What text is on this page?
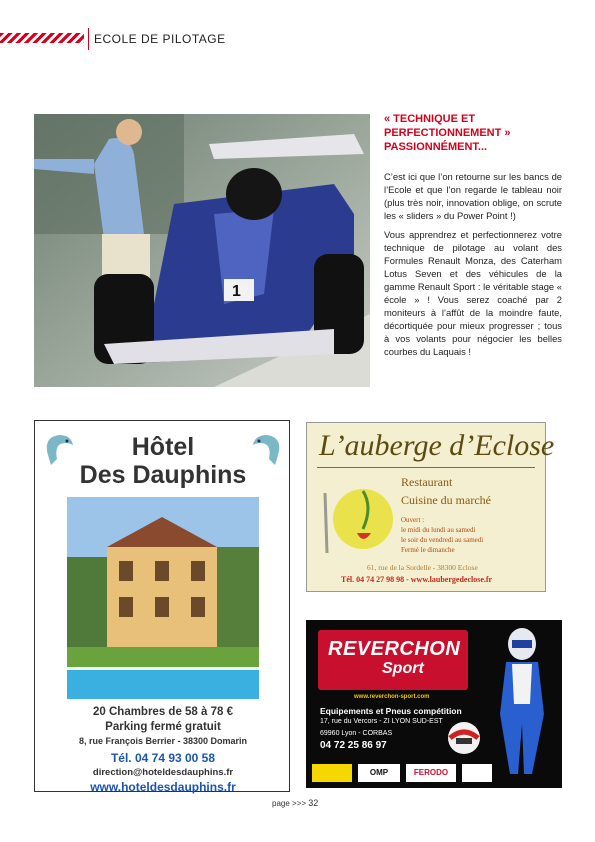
ECOLE DE PILOTAGE
1
« TECHNIQUE ET
PERFECTIONNEMENT »
PASSIONNÉMENT...

C’est ici que l’on retourne sur les bancs de l’Ecole et que l’on regarde le tableau noir (plus très noir, innovation oblige, on scrute les « sliders » du Power Point !)

Vous apprendrez et perfectionnerez votre technique de pilotage au volant des Formules Renault Monza, des Caterham Lotus Seven et des véhicules de la gamme Renault Sport : le véritable stage « école » ! Vous serez coaché par 2 moniteurs à l’affût de la moindre faute, décortiquée pour mieux progresser ; tous à vos volants pour négocier les belles courbes du Laquais !

Hôtel
Des Dauphins
20 Chambres de 58 à 78 €
Parking fermé gratuit
8, rue François Berrier - 38300 Domarin
Tél. 04 74 93 00 58
direction@hoteldesdauphins.fr
www.hoteldesdauphins.fr
L’auberge d’Eclose
Restaurant
Cuisine du marché
Ouvert :
le midi du lundi au samedi
le soir du vendredi au samedi
Fermé le dimanche
61, rue de la Sordelle - 38300 Eclose
Tél. 04 74 27 98 98 - www.laubergedeclose.fr
REVERCHON
Sport
www.reverchon-sport.com
Equipements et Pneus compétition
17, rue du Vercors - ZI LYON SUD-EST
69960 Lyon - CORBAS
04 72 25 86 97
OMP	FERODO
page >>> 32
